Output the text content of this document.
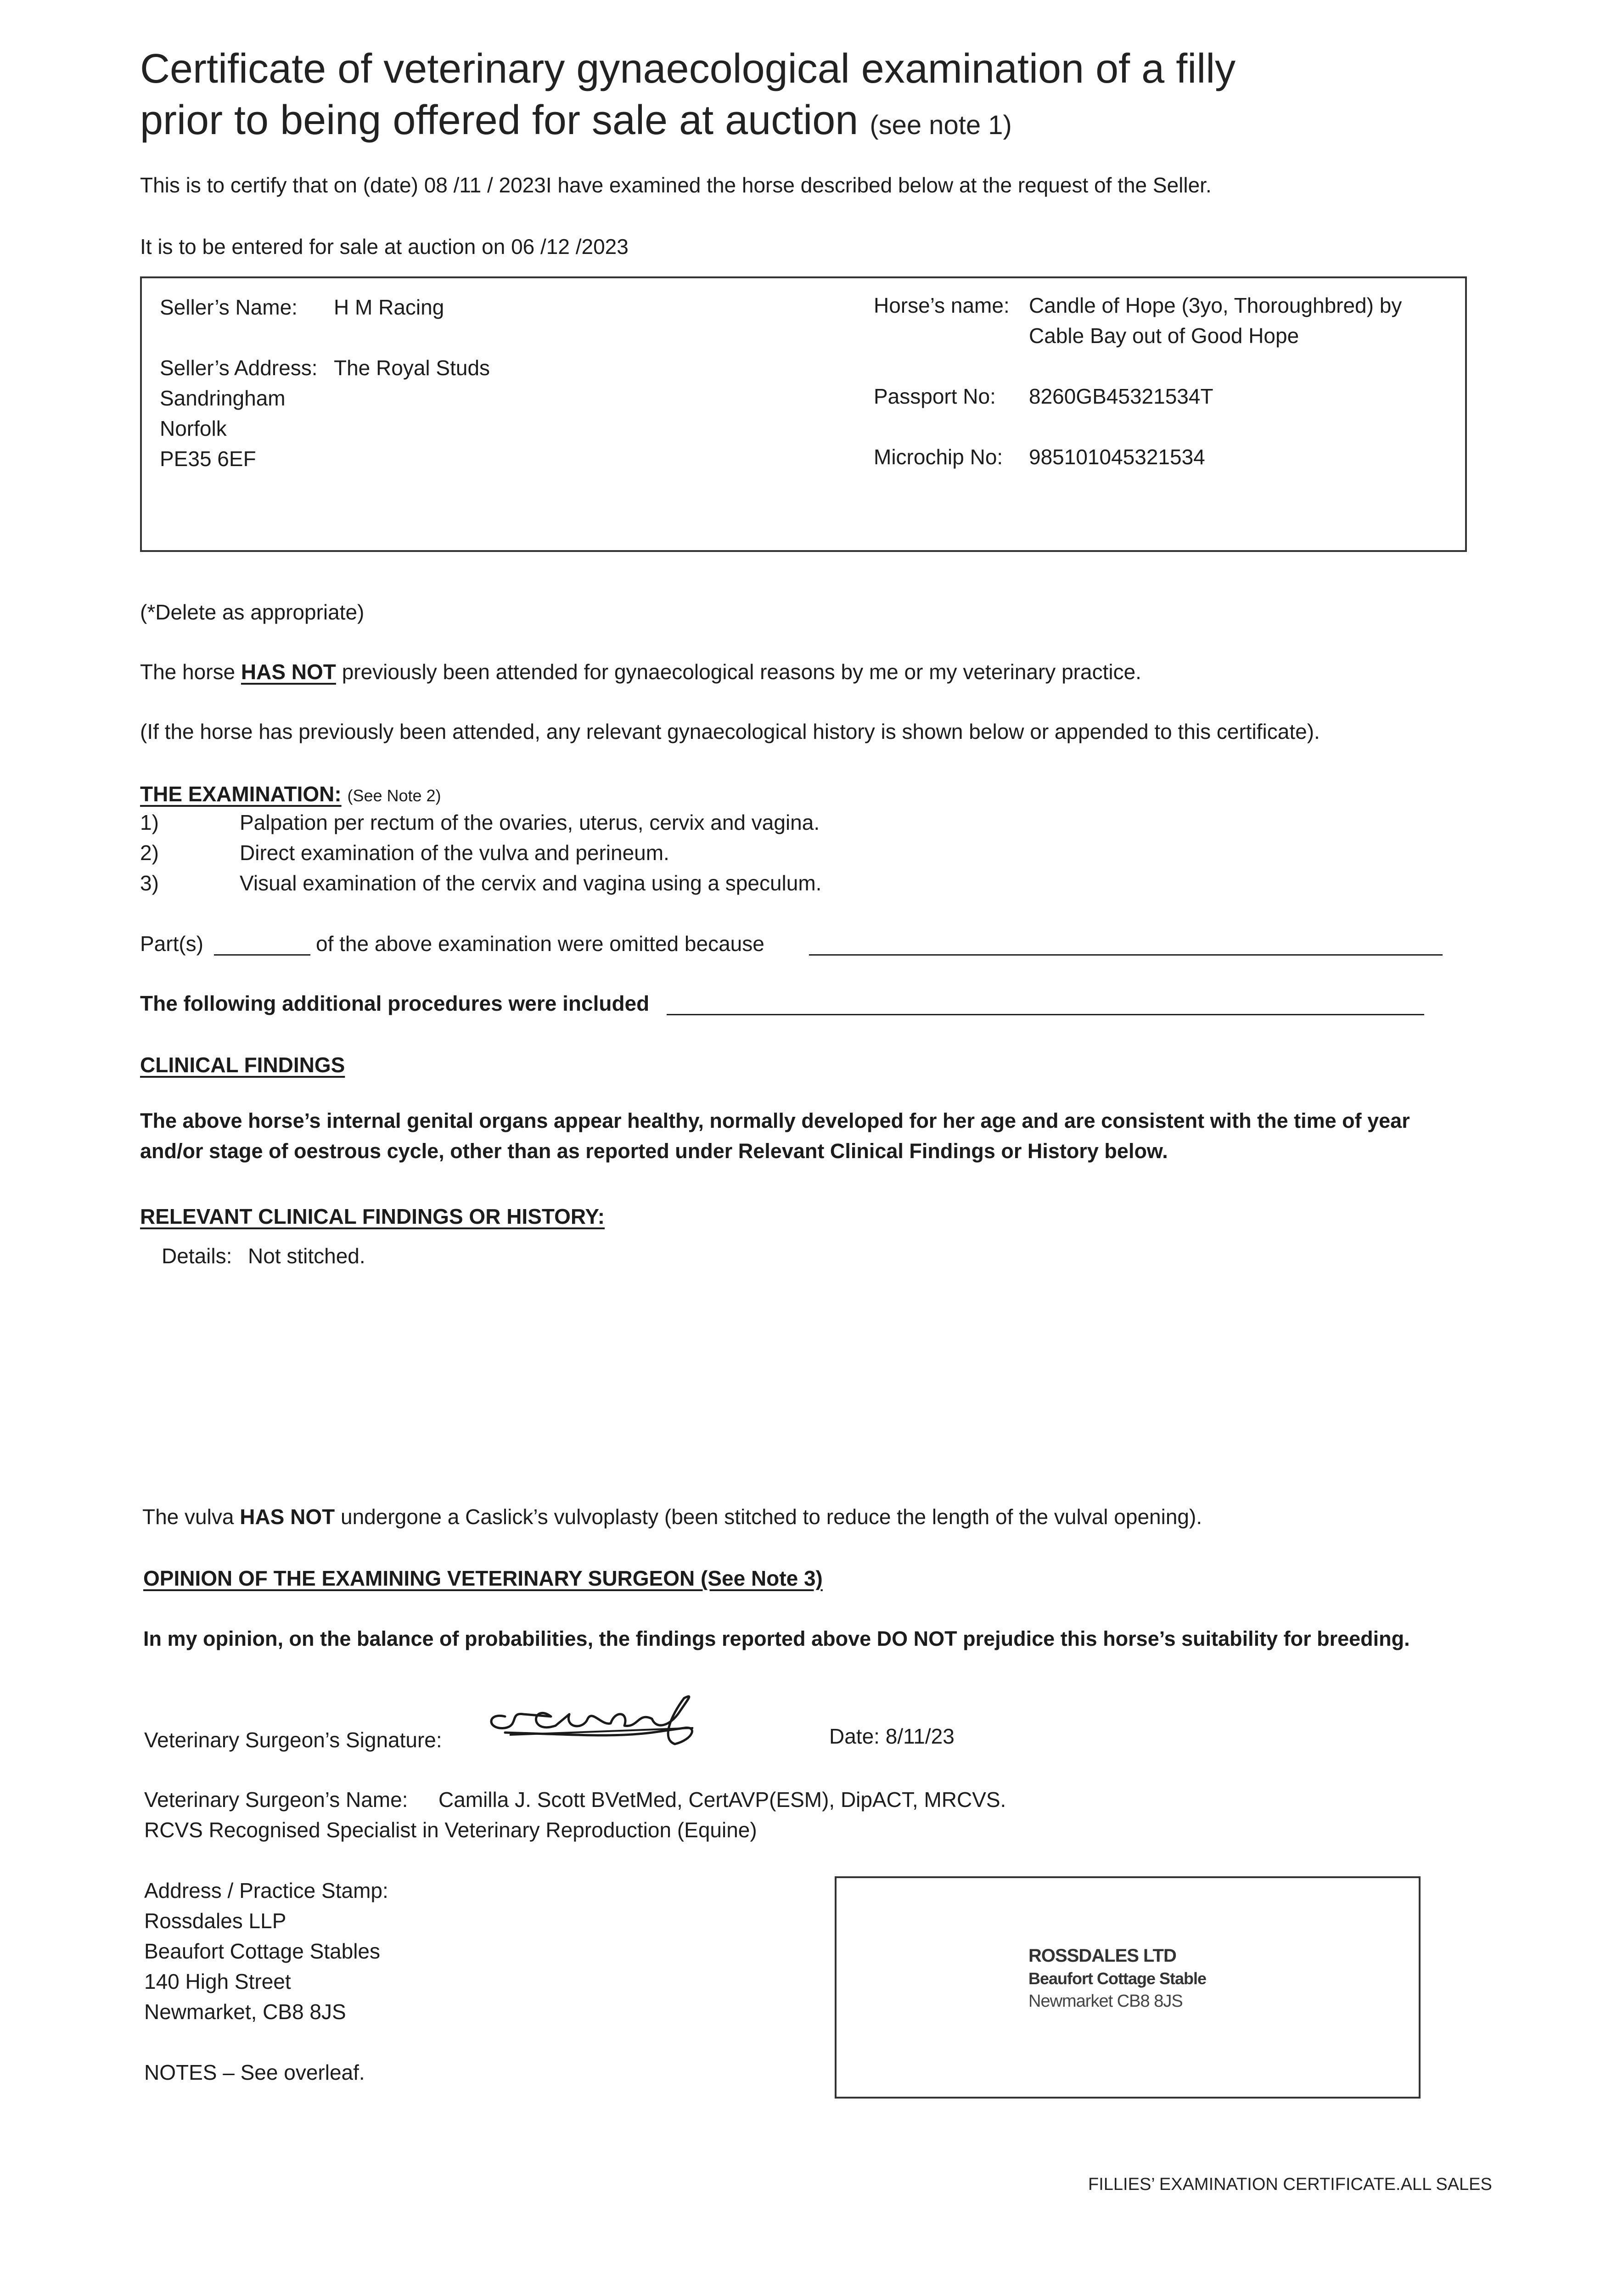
Certificate of veterinary gynaecological examination of a filly
prior to being offered for sale at auction (see note 1)
This is to certify that on (date) 08 /11 / 2023I have examined the horse described below at the request of the Seller.
It is to be entered for sale at auction on 06 /12 /2023
Seller’s Name: H M Racing
Seller’s Address: The Royal Studs
Sandringham
Norfolk
PE35 6EF
Horse’s name: Candle of Hope (3yo, Thoroughbred) by
Cable Bay out of Good Hope
Passport No: 8260GB45321534T
Microchip No: 985101045321534
(*Delete as appropriate)
The horse HAS NOT previously been attended for gynaecological reasons by me or my veterinary practice.
(If the horse has previously been attended, any relevant gynaecological history is shown below or appended to this certificate).
THE EXAMINATION: (See Note 2)
1)	Palpation per rectum of the ovaries, uterus, cervix and vagina.
2)	Direct examination of the vulva and perineum.
3)	Visual examination of the cervix and vagina using a speculum.
Part(s)	of the above examination were omitted because
The following additional procedures were included
CLINICAL FINDINGS
The above horse’s internal genital organs appear healthy, normally developed for her age and are consistent with the time of year
and/or stage of oestrous cycle, other than as reported under Relevant Clinical Findings or History below.
RELEVANT CLINICAL FINDINGS OR HISTORY:
Details: Not stitched.
The vulva HAS NOT undergone a Caslick’s vulvoplasty (been stitched to reduce the length of the vulval opening).
OPINION OF THE EXAMINING VETERINARY SURGEON (See Note 3)
In my opinion, on the balance of probabilities, the findings reported above DO NOT prejudice this horse’s suitability for breeding.
Veterinary Surgeon’s Signature:	Date: 8/11/23
Veterinary Surgeon’s Name: Camilla J. Scott BVetMed, CertAVP(ESM), DipACT, MRCVS.
RCVS Recognised Specialist in Veterinary Reproduction (Equine)
Address / Practice Stamp:
Rossdales LLP
Beaufort Cottage Stables
140 High Street
Newmarket, CB8 8JS
NOTES – See overleaf.
ROSSDALES LTD
Beaufort Cottage Stable
Newmarket CB8 8JS
FILLIES’ EXAMINATION CERTIFICATE.ALL SALES
